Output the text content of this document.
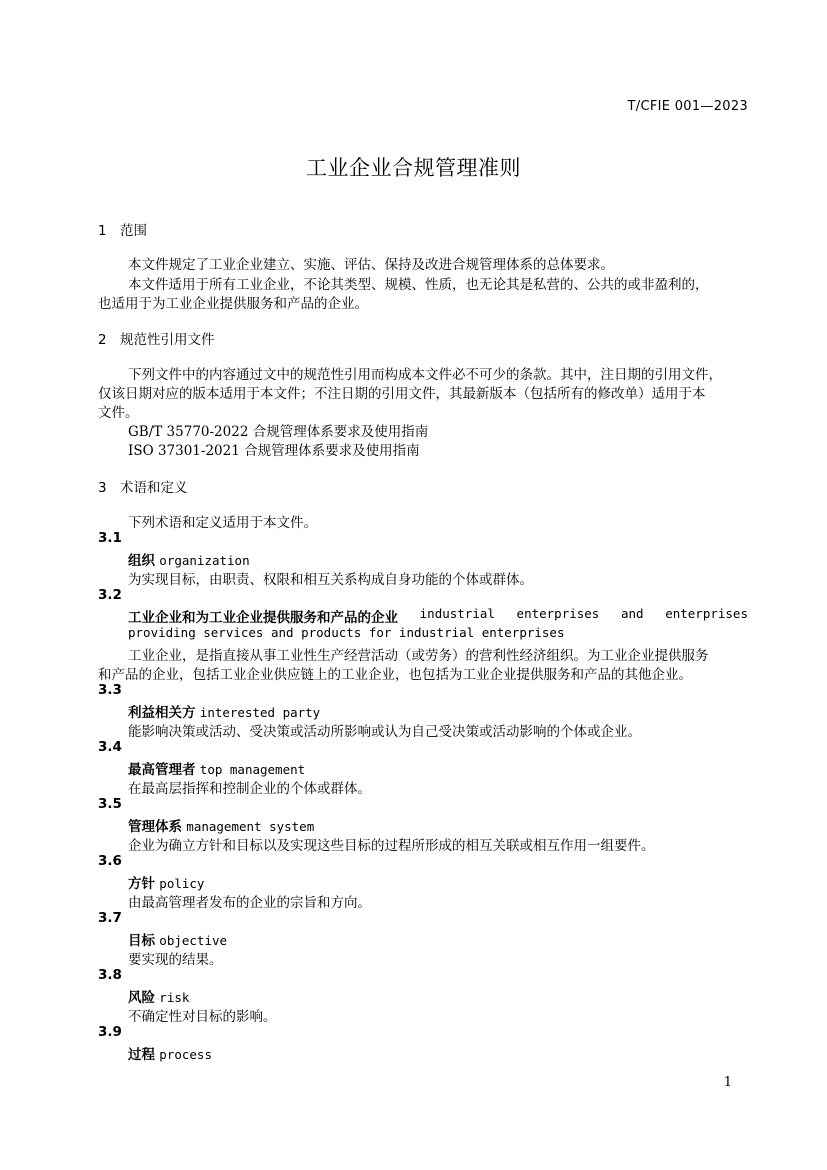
T/CFIE 001—2023
工业企业合规管理准则
1 范围
本文件规定了工业企业建立、实施、评估、保持及改进合规管理体系的总体要求。
本文件适用于所有工业企业，不论其类型、规模、性质，也无论其是私营的、公共的或非盈利的，
也适用于为工业企业提供服务和产品的企业。
2 规范性引用文件
下列文件中的内容通过文中的规范性引用而构成本文件必不可少的条款。其中，注日期的引用文件，
仅该日期对应的版本适用于本文件；不注日期的引用文件，其最新版本（包括所有的修改单）适用于本
文件。
GB/T 35770-2022 合规管理体系要求及使用指南
ISO 37301-2021 合规管理体系要求及使用指南
3 术语和定义
下列术语和定义适用于本文件。
3.1
组织 organization
为实现目标，由职责、权限和相互关系构成自身功能的个体或群体。
3.2
工业企业和为工业企业提供服务和产品的企业 industrial enterprises and enterprises
providing services and products for industrial enterprises
工业企业，是指直接从事工业性生产经营活动（或劳务）的营利性经济组织。为工业企业提供服务
和产品的企业，包括工业企业供应链上的工业企业，也包括为工业企业提供服务和产品的其他企业。
3.3
利益相关方 interested party
能影响决策或活动、受决策或活动所影响或认为自己受决策或活动影响的个体或企业。
3.4
最高管理者 top management
在最高层指挥和控制企业的个体或群体。
3.5
管理体系 management system
企业为确立方针和目标以及实现这些目标的过程所形成的相互关联或相互作用一组要件。
3.6
方针 policy
由最高管理者发布的企业的宗旨和方向。
3.7
目标 objective
要实现的结果。
3.8
风险 risk
不确定性对目标的影响。
3.9
过程 process
1
